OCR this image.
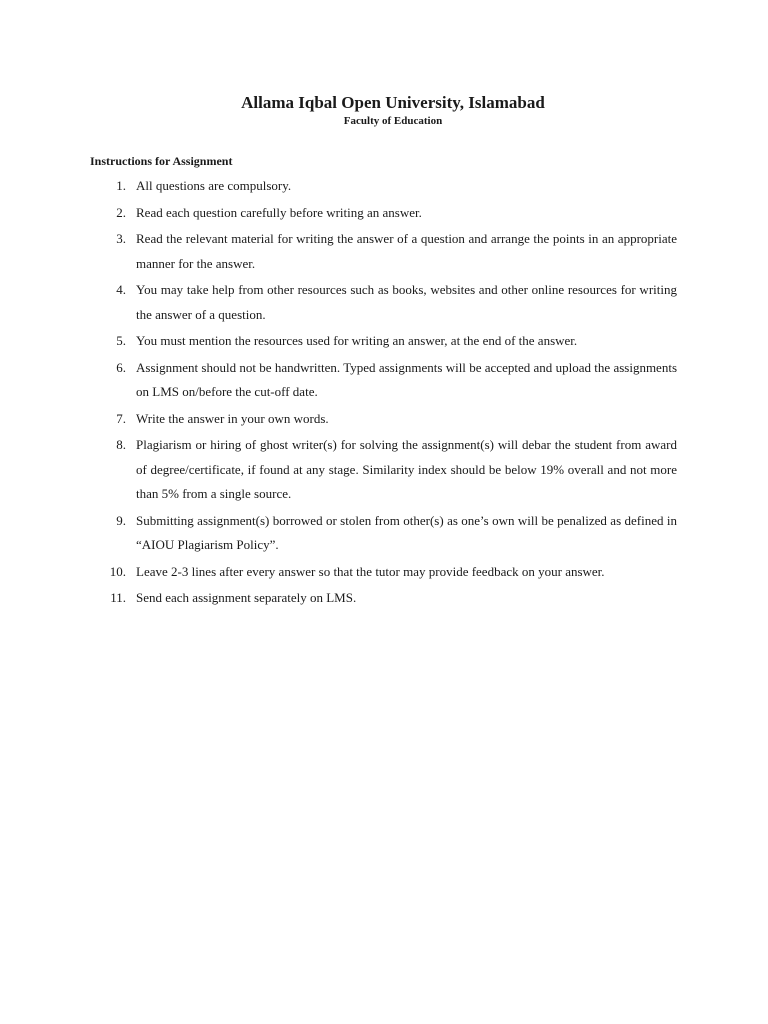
Allama Iqbal Open University, Islamabad
Faculty of Education
Instructions for Assignment
1. All questions are compulsory.
2. Read each question carefully before writing an answer.
3. Read the relevant material for writing the answer of a question and arrange the points in an appropriate manner for the answer.
4. You may take help from other resources such as books, websites and other online resources for writing the answer of a question.
5. You must mention the resources used for writing an answer, at the end of the answer.
6. Assignment should not be handwritten. Typed assignments will be accepted and upload the assignments on LMS on/before the cut-off date.
7. Write the answer in your own words.
8. Plagiarism or hiring of ghost writer(s) for solving the assignment(s) will debar the student from award of degree/certificate, if found at any stage. Similarity index should be below 19% overall and not more than 5% from a single source.
9. Submitting assignment(s) borrowed or stolen from other(s) as one’s own will be penalized as defined in “AIOU Plagiarism Policy”.
10. Leave 2-3 lines after every answer so that the tutor may provide feedback on your answer.
11. Send each assignment separately on LMS.
